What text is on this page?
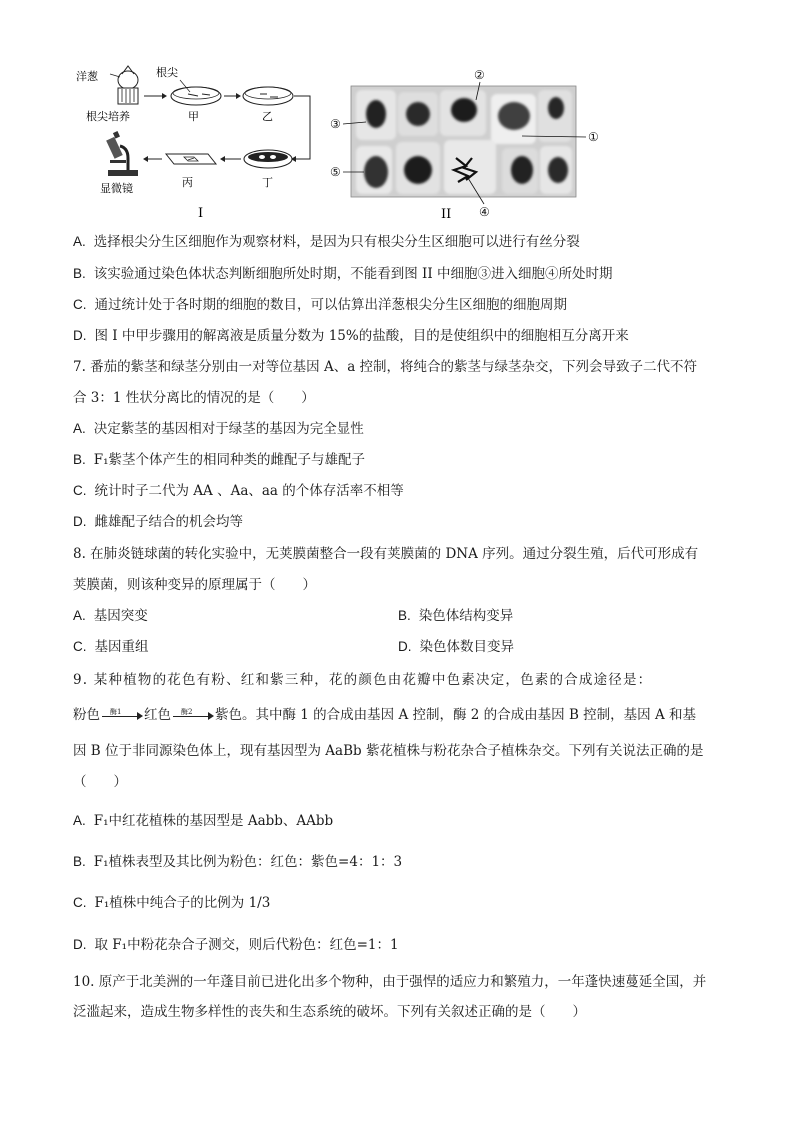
洋葱
根尖培养
根尖
甲	乙
丁
丙
显微镜
I
②
③
①
⑤
④
II
A. 选择根尖分生区细胞作为观察材料，是因为只有根尖分生区细胞可以进行有丝分裂
B. 该实验通过染色体状态判断细胞所处时期，不能看到图 II 中细胞③进入细胞④所处时期
C. 通过统计处于各时期的细胞的数目，可以估算出洋葱根尖分生区细胞的细胞周期
D. 图 I 中甲步骤用的解离液是质量分数为 15%的盐酸，目的是使组织中的细胞相互分离开来
7. 番茄的紫茎和绿茎分别由一对等位基因 A、a 控制，将纯合的紫茎与绿茎杂交，下列会导致子二代不符
合 3：1 性状分离比的情况的是（　　）
A. 决定紫茎的基因相对于绿茎的基因为完全显性
B. F₁紫茎个体产生的相同种类的雌配子与雄配子
C. 统计时子二代为 AA 、Aa、aa 的个体存活率不相等
D. 雌雄配子结合的机会均等
8. 在肺炎链球菌的转化实验中，无荚膜菌整合一段有荚膜菌的 DNA 序列。通过分裂生殖，后代可形成有
荚膜菌，则该种变异的原理属于（　　）
A. 基因突变	B. 染色体结构变异
C. 基因重组	D. 染色体数目变异
9. 某种植物的花色有粉、红和紫三种，花的颜色由花瓣中色素决定，色素的合成途径是：
粉色 酶1 红色 酶2 紫色。其中酶 1 的合成由基因 A 控制，酶 2 的合成由基因 B 控制，基因 A 和基
因 B 位于非同源染色体上，现有基因型为 AaBb 紫花植株与粉花杂合子植株杂交。下列有关说法正确的是
（　　）
A. F₁中红花植株的基因型是 Aabb、AAbb
B. F₁植株表型及其比例为粉色：红色：紫色=4：1：3
C. F₁植株中纯合子的比例为 1/3
D. 取 F₁中粉花杂合子测交，则后代粉色：红色=1：1
10. 原产于北美洲的一年蓬目前已进化出多个物种，由于强悍的适应力和繁殖力，一年蓬快速蔓延全国，并
泛滥起来，造成生物多样性的丧失和生态系统的破坏。下列有关叙述正确的是（　　）
